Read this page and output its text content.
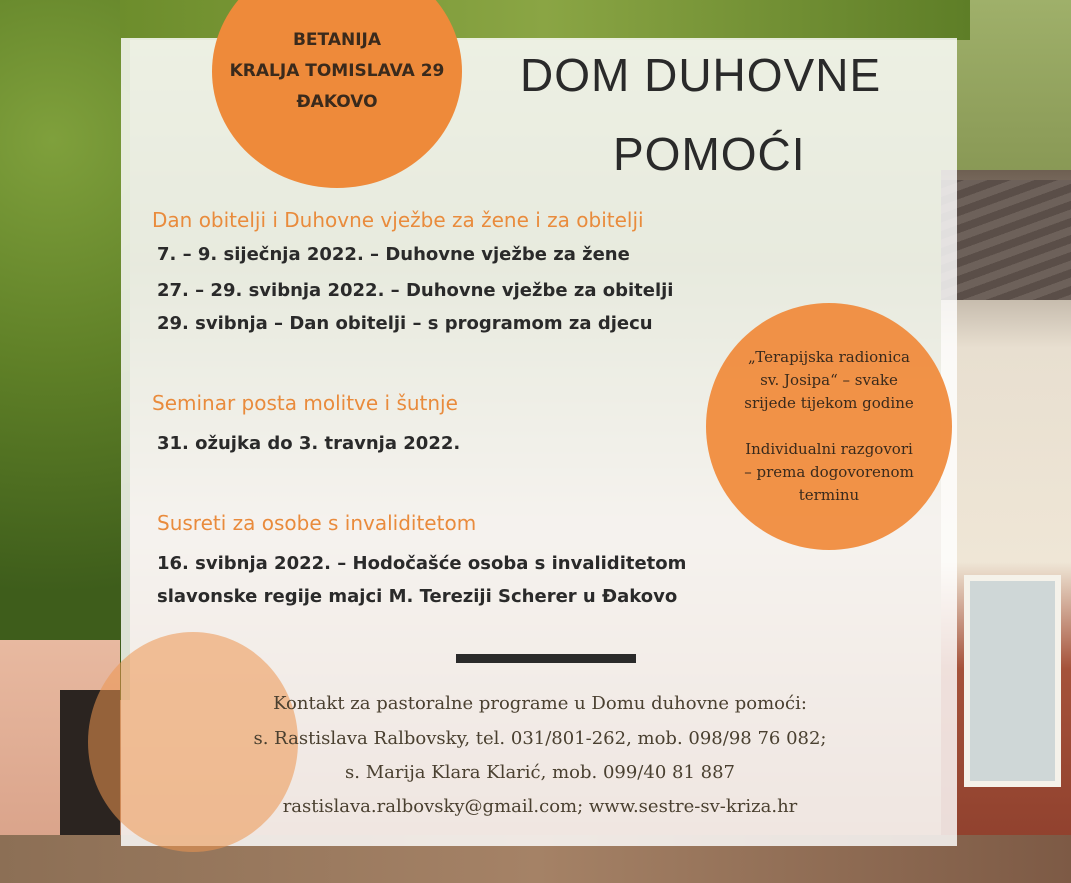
BETANIJA
KRALJA TOMISLAVA 29
ĐAKOVO
DOM DUHOVNE
POMOĆI
Dan obitelji i Duhovne vježbe za žene i za obitelji
7. – 9. siječnja 2022. – Duhovne vježbe za žene
27. – 29. svibnja 2022. – Duhovne vježbe za obitelji
29. svibnja – Dan obitelji – s programom za djecu
Seminar posta molitve i šutnje
31. ožujka do 3. travnja 2022.
Susreti za osobe s invaliditetom
16. svibnja 2022. – Hodočašće osoba s invaliditetom
slavonske regije majci M. Tereziji Scherer u Đakovo
„Terapijska radionica
sv. Josipa“ – svake
srijede tijekom godine

Individualni razgovori
– prema dogovorenom
terminu
Kontakt za pastoralne programe u Domu duhovne pomoći:
s. Rastislava Ralbovsky, tel. 031/801-262, mob. 098/98 76 082;
s. Marija Klara Klarić, mob. 099/40 81 887
rastislava.ralbovsky@gmail.com; www.sestre-sv-kriza.hr
